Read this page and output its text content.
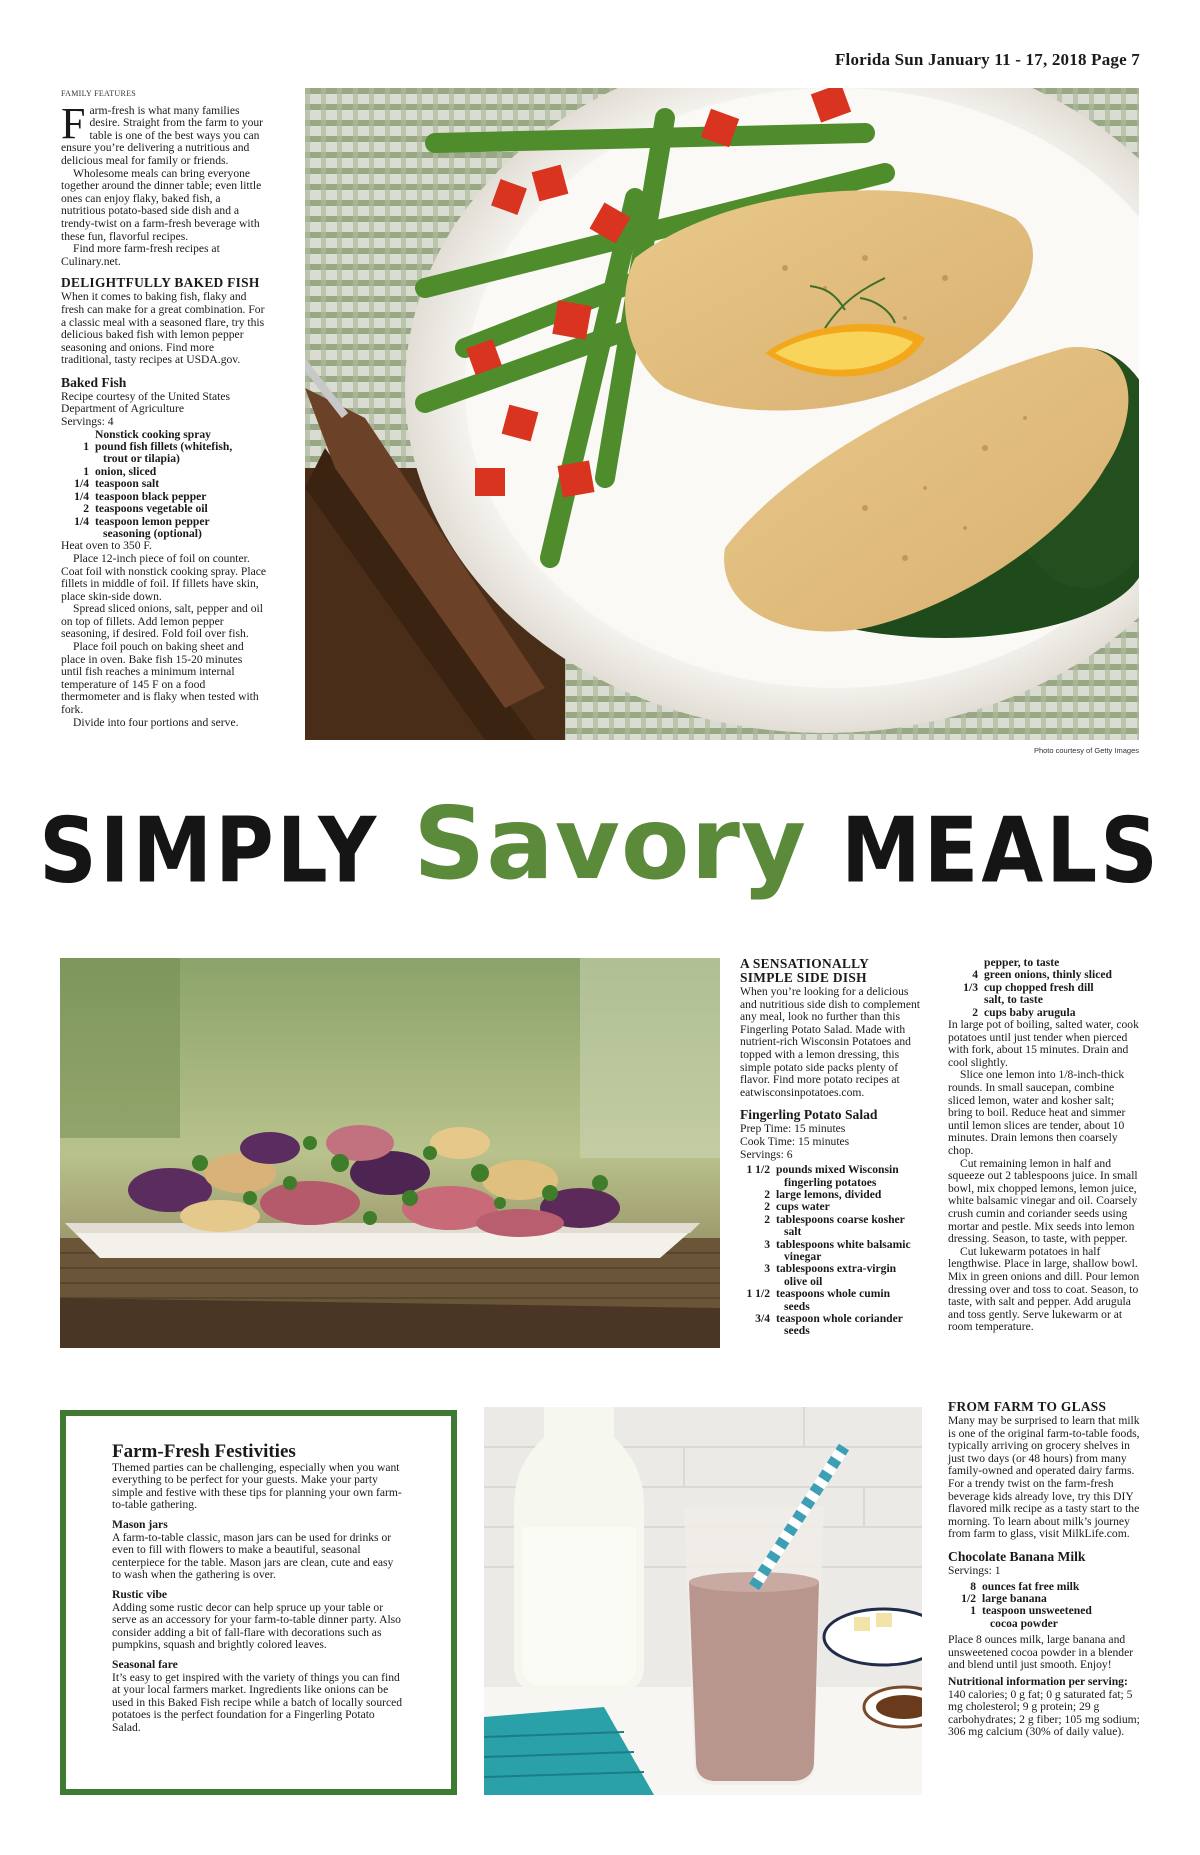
Florida Sun January 11 - 17, 2018 Page 7
FAMILY FEATURES

Farm-fresh is what many families desire. Straight from the farm to your table is one of the best ways you can ensure you’re delivering a nutritious and delicious meal for family or friends.

Wholesome meals can bring everyone together around the dinner table; even little ones can enjoy flaky, baked fish, a nutritious potato-based side dish and a trendy-twist on a farm-fresh beverage with these fun, flavorful recipes.

Find more farm-fresh recipes at Culinary.net.

DELIGHTFULLY BAKED FISH

When it comes to baking fish, flaky and fresh can make for a great combination. For a classic meal with a seasoned flare, try this delicious baked fish with lemon pepper seasoning and onions. Find more traditional, tasty recipes at USDA.gov.

Baked Fish

Recipe courtesy of the United States Department of Agriculture

Servings: 4

Nonstick cooking spray
1 pound fish fillets (whitefish,
trout or tilapia)
1 onion, sliced
1/4 teaspoon salt
1/4 teaspoon black pepper
2 teaspoons vegetable oil
1/4 teaspoon lemon pepper
seasoning (optional)

Heat oven to 350 F.

Place 12-inch piece of foil on counter. Coat foil with nonstick cooking spray. Place fillets in middle of foil. If fillets have skin, place skin-side down.

Spread sliced onions, salt, pepper and oil on top of fillets. Add lemon pepper seasoning, if desired. Fold foil over fish.

Place foil pouch on baking sheet and place in oven. Bake fish 15-20 minutes until fish reaches a minimum internal temperature of 145 F on a food thermometer and is flaky when tested with fork.

Divide into four portions and serve.

Photo courtesy of Getty Images
SIMPLY Savory MEALS
A SENSATIONALLY SIMPLE SIDE DISH

When you’re looking for a delicious and nutritious side dish to complement any meal, look no further than this Fingerling Potato Salad. Made with nutrient-rich Wisconsin Potatoes and topped with a lemon dressing, this simple potato side packs plenty of flavor. Find more potato recipes at eatwisconsinpotatoes.com.

Fingerling Potato Salad

Prep Time: 15 minutes

Cook Time: 15 minutes

Servings: 6

1 1/2 pounds mixed Wisconsin
fingerling potatoes
2 large lemons, divided
2 cups water
2 tablespoons coarse kosher
salt
3 tablespoons white balsamic
vinegar
3 tablespoons extra-virgin
olive oil
1 1/2 teaspoons whole cumin
seeds
3/4 teaspoon whole coriander
seeds
pepper, to taste
4 green onions, thinly sliced
1/3 cup chopped fresh dill
salt, to taste
2 cups baby arugula

In large pot of boiling, salted water, cook potatoes until just tender when pierced with fork, about 15 minutes. Drain and cool slightly.

Slice one lemon into 1/8-inch-thick rounds. In small saucepan, combine sliced lemon, water and kosher salt; bring to boil. Reduce heat and simmer until lemon slices are tender, about 10 minutes. Drain lemons then coarsely chop.

Cut remaining lemon in half and squeeze out 2 tablespoons juice. In small bowl, mix chopped lemons, lemon juice, white balsamic vinegar and oil. Coarsely crush cumin and coriander seeds using mortar and pestle. Mix seeds into lemon dressing. Season, to taste, with pepper.

Cut lukewarm potatoes in half lengthwise. Place in large, shallow bowl. Mix in green onions and dill. Pour lemon dressing over and toss to coat. Season, to taste, with salt and pepper. Add arugula and toss gently. Serve lukewarm or at room temperature.

Farm-Fresh Festivities

Themed parties can be challenging, especially when you want everything to be perfect for your guests. Make your party simple and festive with these tips for planning your own farm-to-table gathering.

Mason jars

A farm-to-table classic, mason jars can be used for drinks or even to fill with flowers to make a beautiful, seasonal centerpiece for the table. Mason jars are clean, cute and easy to wash when the gathering is over.

Rustic vibe

Adding some rustic decor can help spruce up your table or serve as an accessory for your farm-to-table dinner party. Also consider adding a bit of fall-flare with decorations such as pumpkins, squash and brightly colored leaves.

Seasonal fare

It’s easy to get inspired with the variety of things you can find at your local farmers market. Ingredients like onions can be used in this Baked Fish recipe while a batch of locally sourced potatoes is the perfect foundation for a Fingerling Potato Salad.

FROM FARM TO GLASS

Many may be surprised to learn that milk is one of the original farm-to-table foods, typically arriving on grocery shelves in just two days (or 48 hours) from many family-owned and operated dairy farms. For a trendy twist on the farm-fresh beverage kids already love, try this DIY flavored milk recipe as a tasty start to the morning. To learn about milk’s journey from farm to glass, visit MilkLife.com.

Chocolate Banana Milk

Servings: 1

8 ounces fat free milk
1/2 large banana
1 teaspoon unsweetened
cocoa powder

Place 8 ounces milk, large banana and unsweetened cocoa powder in a blender and blend until just smooth. Enjoy!

Nutritional information per serving: 140 calories; 0 g fat; 0 g saturated fat; 5 mg cholesterol; 9 g protein; 29 g carbohydrates; 2 g fiber; 105 mg sodium; 306 mg calcium (30% of daily value).
